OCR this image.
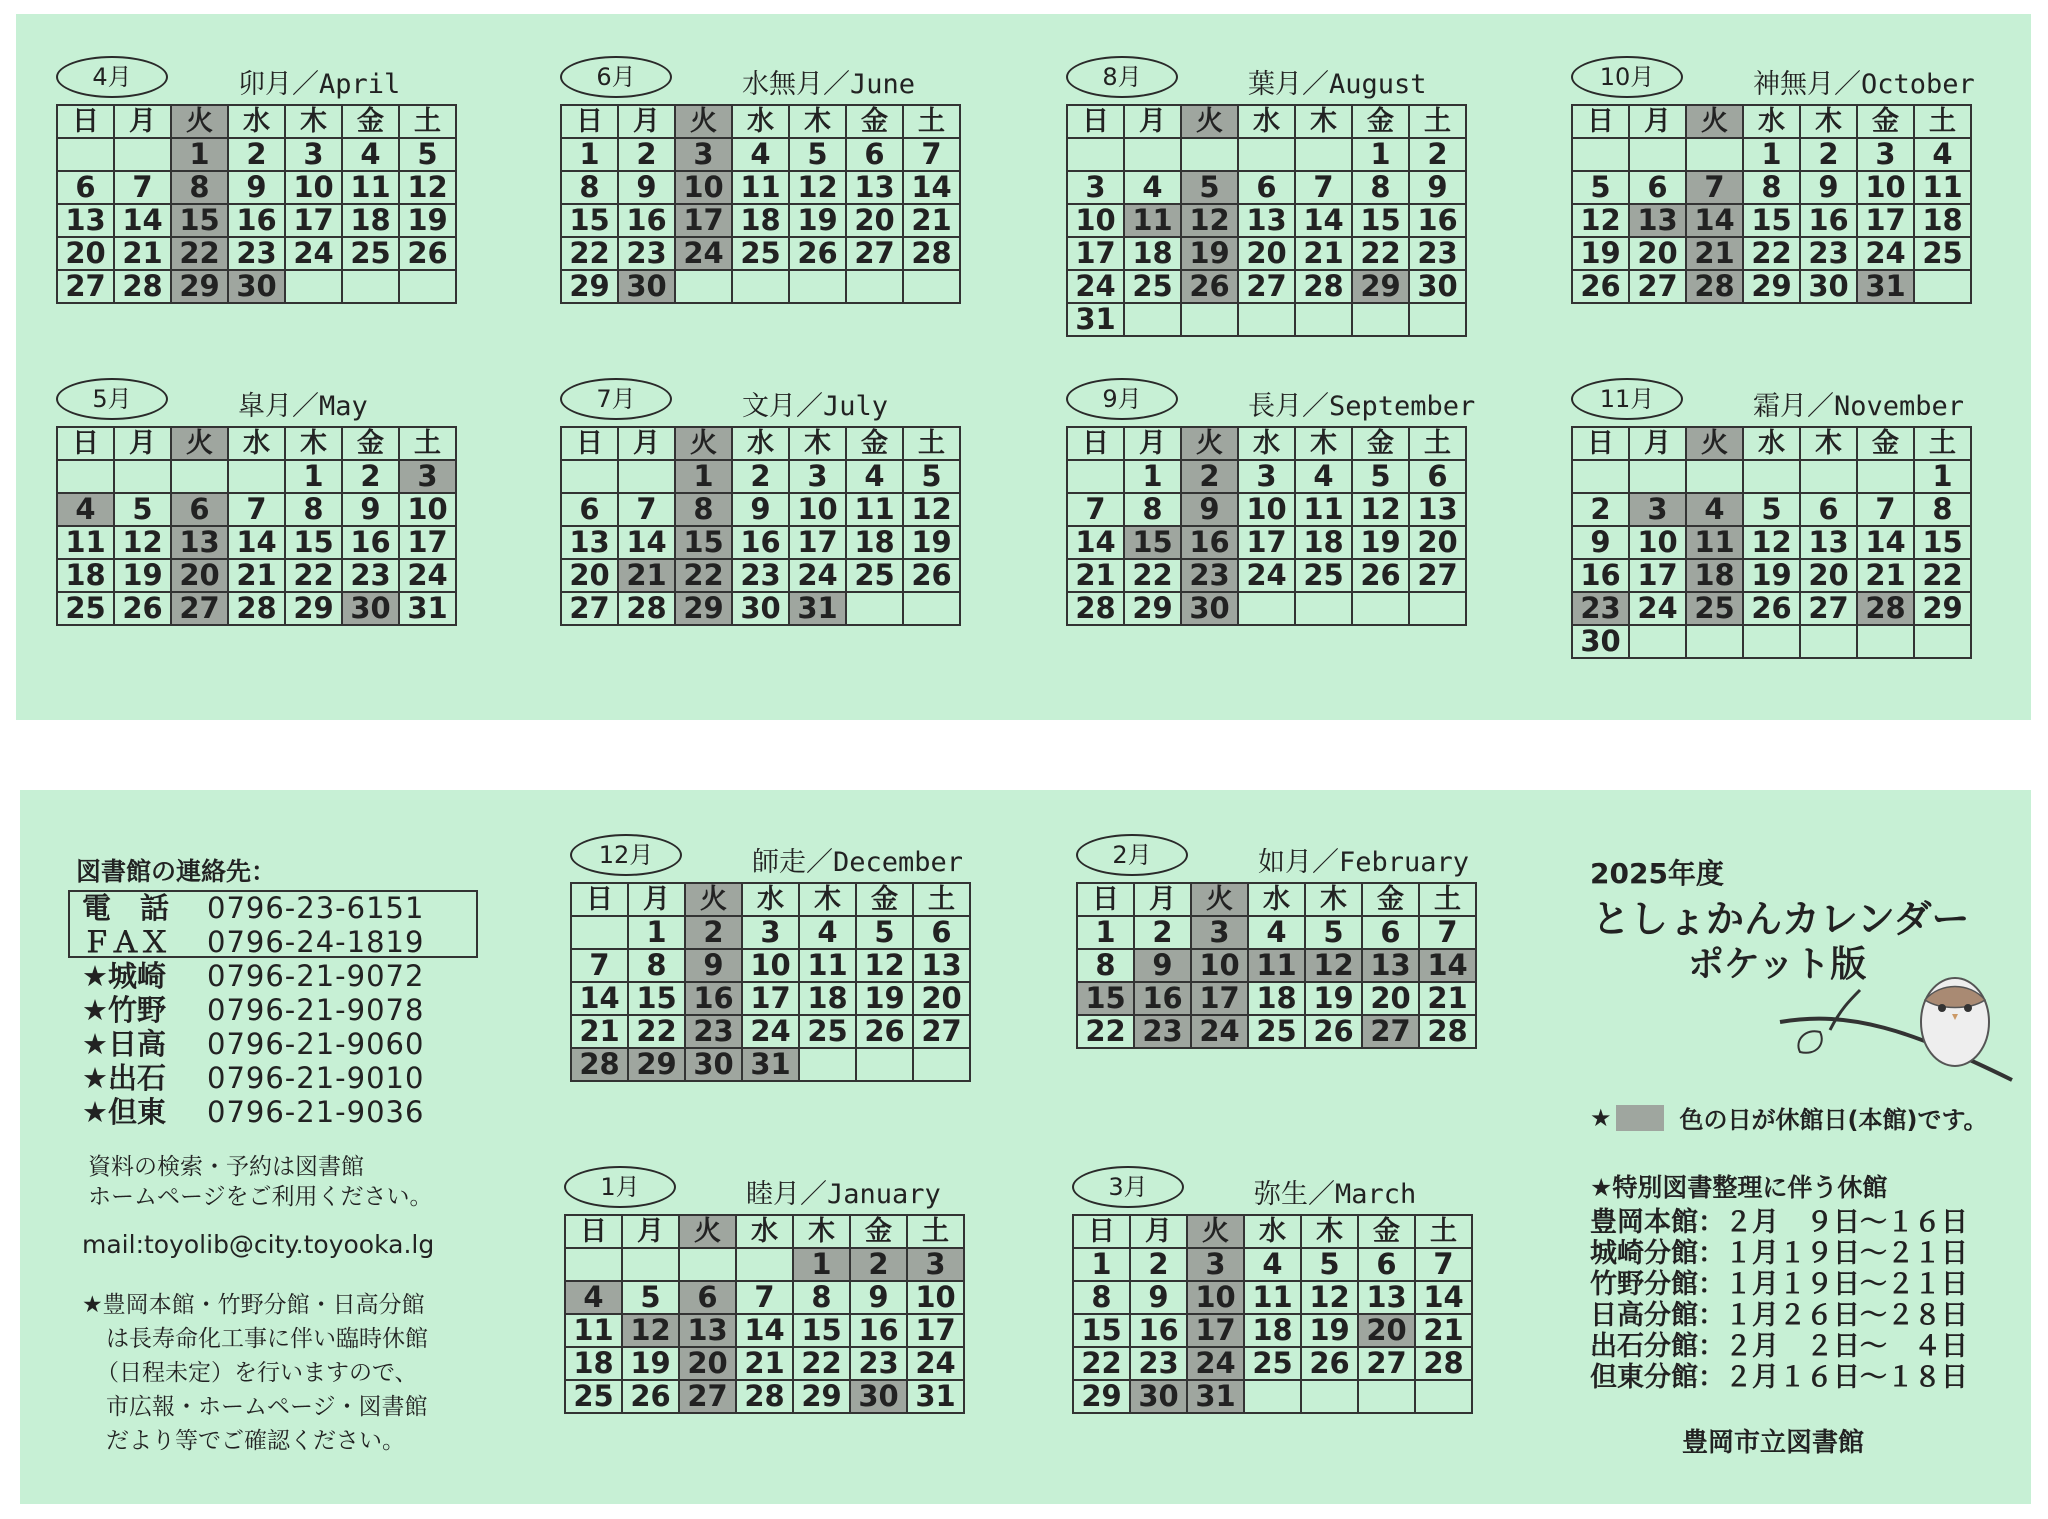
4月	卯月／April
日	月	火	水	木	金	土
		1	2	3	4	5
6	7	8	9	10	11	12
13	14	15	16	17	18	19
20	21	22	23	24	25	26
27	28	29	30			
6月	水無月／June
日	月	火	水	木	金	土
1	2	3	4	5	6	7
8	9	10	11	12	13	14
15	16	17	18	19	20	21
22	23	24	25	26	27	28
29	30					
8月	葉月／August
日	月	火	水	木	金	土
					1	2
3	4	5	6	7	8	9
10	11	12	13	14	15	16
17	18	19	20	21	22	23
24	25	26	27	28	29	30
31						
10月	神無月／October
日	月	火	水	木	金	土
			1	2	3	4
5	6	7	8	9	10	11
12	13	14	15	16	17	18
19	20	21	22	23	24	25
26	27	28	29	30	31	
5月	皐月／May
日	月	火	水	木	金	土
				1	2	3
4	5	6	7	8	9	10
11	12	13	14	15	16	17
18	19	20	21	22	23	24
25	26	27	28	29	30	31
7月	文月／July
日	月	火	水	木	金	土
		1	2	3	4	5
6	7	8	9	10	11	12
13	14	15	16	17	18	19
20	21	22	23	24	25	26
27	28	29	30	31		
9月	長月／September
日	月	火	水	木	金	土
	1	2	3	4	5	6
7	8	9	10	11	12	13
14	15	16	17	18	19	20
21	22	23	24	25	26	27
28	29	30				
11月	霜月／November
日	月	火	水	木	金	土
						1
2	3	4	5	6	7	8
9	10	11	12	13	14	15
16	17	18	19	20	21	22
23	24	25	26	27	28	29
30						
図書館の連絡先：
電　話 0796-23-6151
ＦＡＸ 0796-24-1819
★城崎 0796-21-9072
★竹野 0796-21-9078
★日高 0796-21-9060
★出石 0796-21-9010
★但東 0796-21-9036
資料の検索・予約は図書館
ホームページをご利用ください。
mail:toyolib@city.toyooka.lg
★豊岡本館・竹野分館・日高分館
は長寿命化工事に伴い臨時休館
（日程未定）を行いますので、
市広報・ホームページ・図書館
だより等でご確認ください。
12月	師走／December
日	月	火	水	木	金	土
	1	2	3	4	5	6
7	8	9	10	11	12	13
14	15	16	17	18	19	20
21	22	23	24	25	26	27
28	29	30	31			
2月	如月／February
日	月	火	水	木	金	土
1	2	3	4	5	6	7
8	9	10	11	12	13	14
15	16	17	18	19	20	21
22	23	24	25	26	27	28
1月	睦月／January
日	月	火	水	木	金	土
				1	2	3
4	5	6	7	8	9	10
11	12	13	14	15	16	17
18	19	20	21	22	23	24
25	26	27	28	29	30	31
3月	弥生／March
日	月	火	水	木	金	土
1	2	3	4	5	6	7
8	9	10	11	12	13	14
15	16	17	18	19	20	21
22	23	24	25	26	27	28
29	30	31				
2025年度
としょかんカレンダー
ポケット版
★	色の日が休館日(本館)です。
★特別図書整理に伴う休館
豊岡本館：２月　９日～１６日
城崎分館：１月１９日～２１日
竹野分館：１月１９日～２１日
日高分館：１月２６日～２８日
出石分館：２月　２日～　４日
但東分館：２月１６日～１８日
豊岡市立図書館
